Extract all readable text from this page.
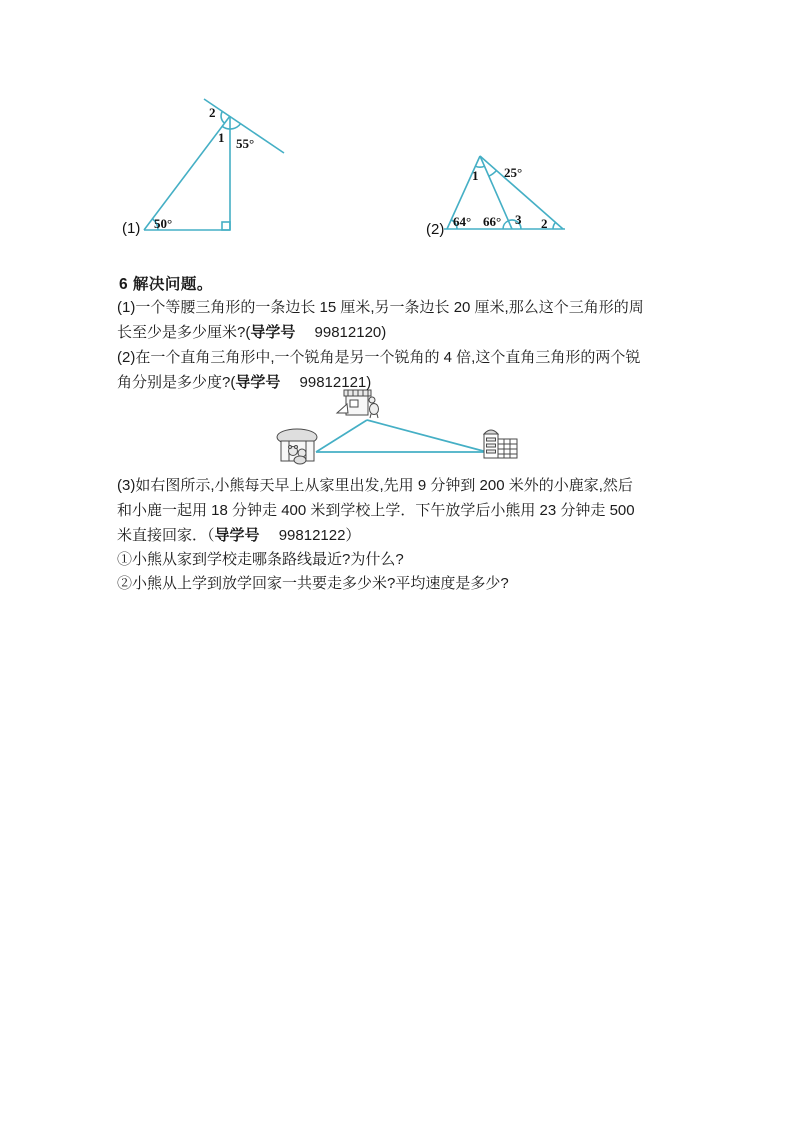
2
1 55°
50°
(1)
1 25°
64° 66° 3 2
(2)
6 解决问题。
(1)一个等腰三角形的一条边长 15 厘米,另一条边长 20 厘米,那么这个三角形的周
长至少是多少厘米?(导学号　 99812120)
(2)在一个直角三角形中,一个锐角是另一个锐角的 4 倍,这个直角三角形的两个锐
角分别是多少度?(导学号　 99812121)
(3)如右图所示,小熊每天早上从家里出发,先用 9 分钟到 200 米外的小鹿家,然后
和小鹿一起用 18 分钟走 400 米到学校上学．下午放学后小熊用 23 分钟走 500
米直接回家．（导学号　 99812122）
①小熊从家到学校走哪条路线最近?为什么?
②小熊从上学到放学回家一共要走多少米?平均速度是多少?
